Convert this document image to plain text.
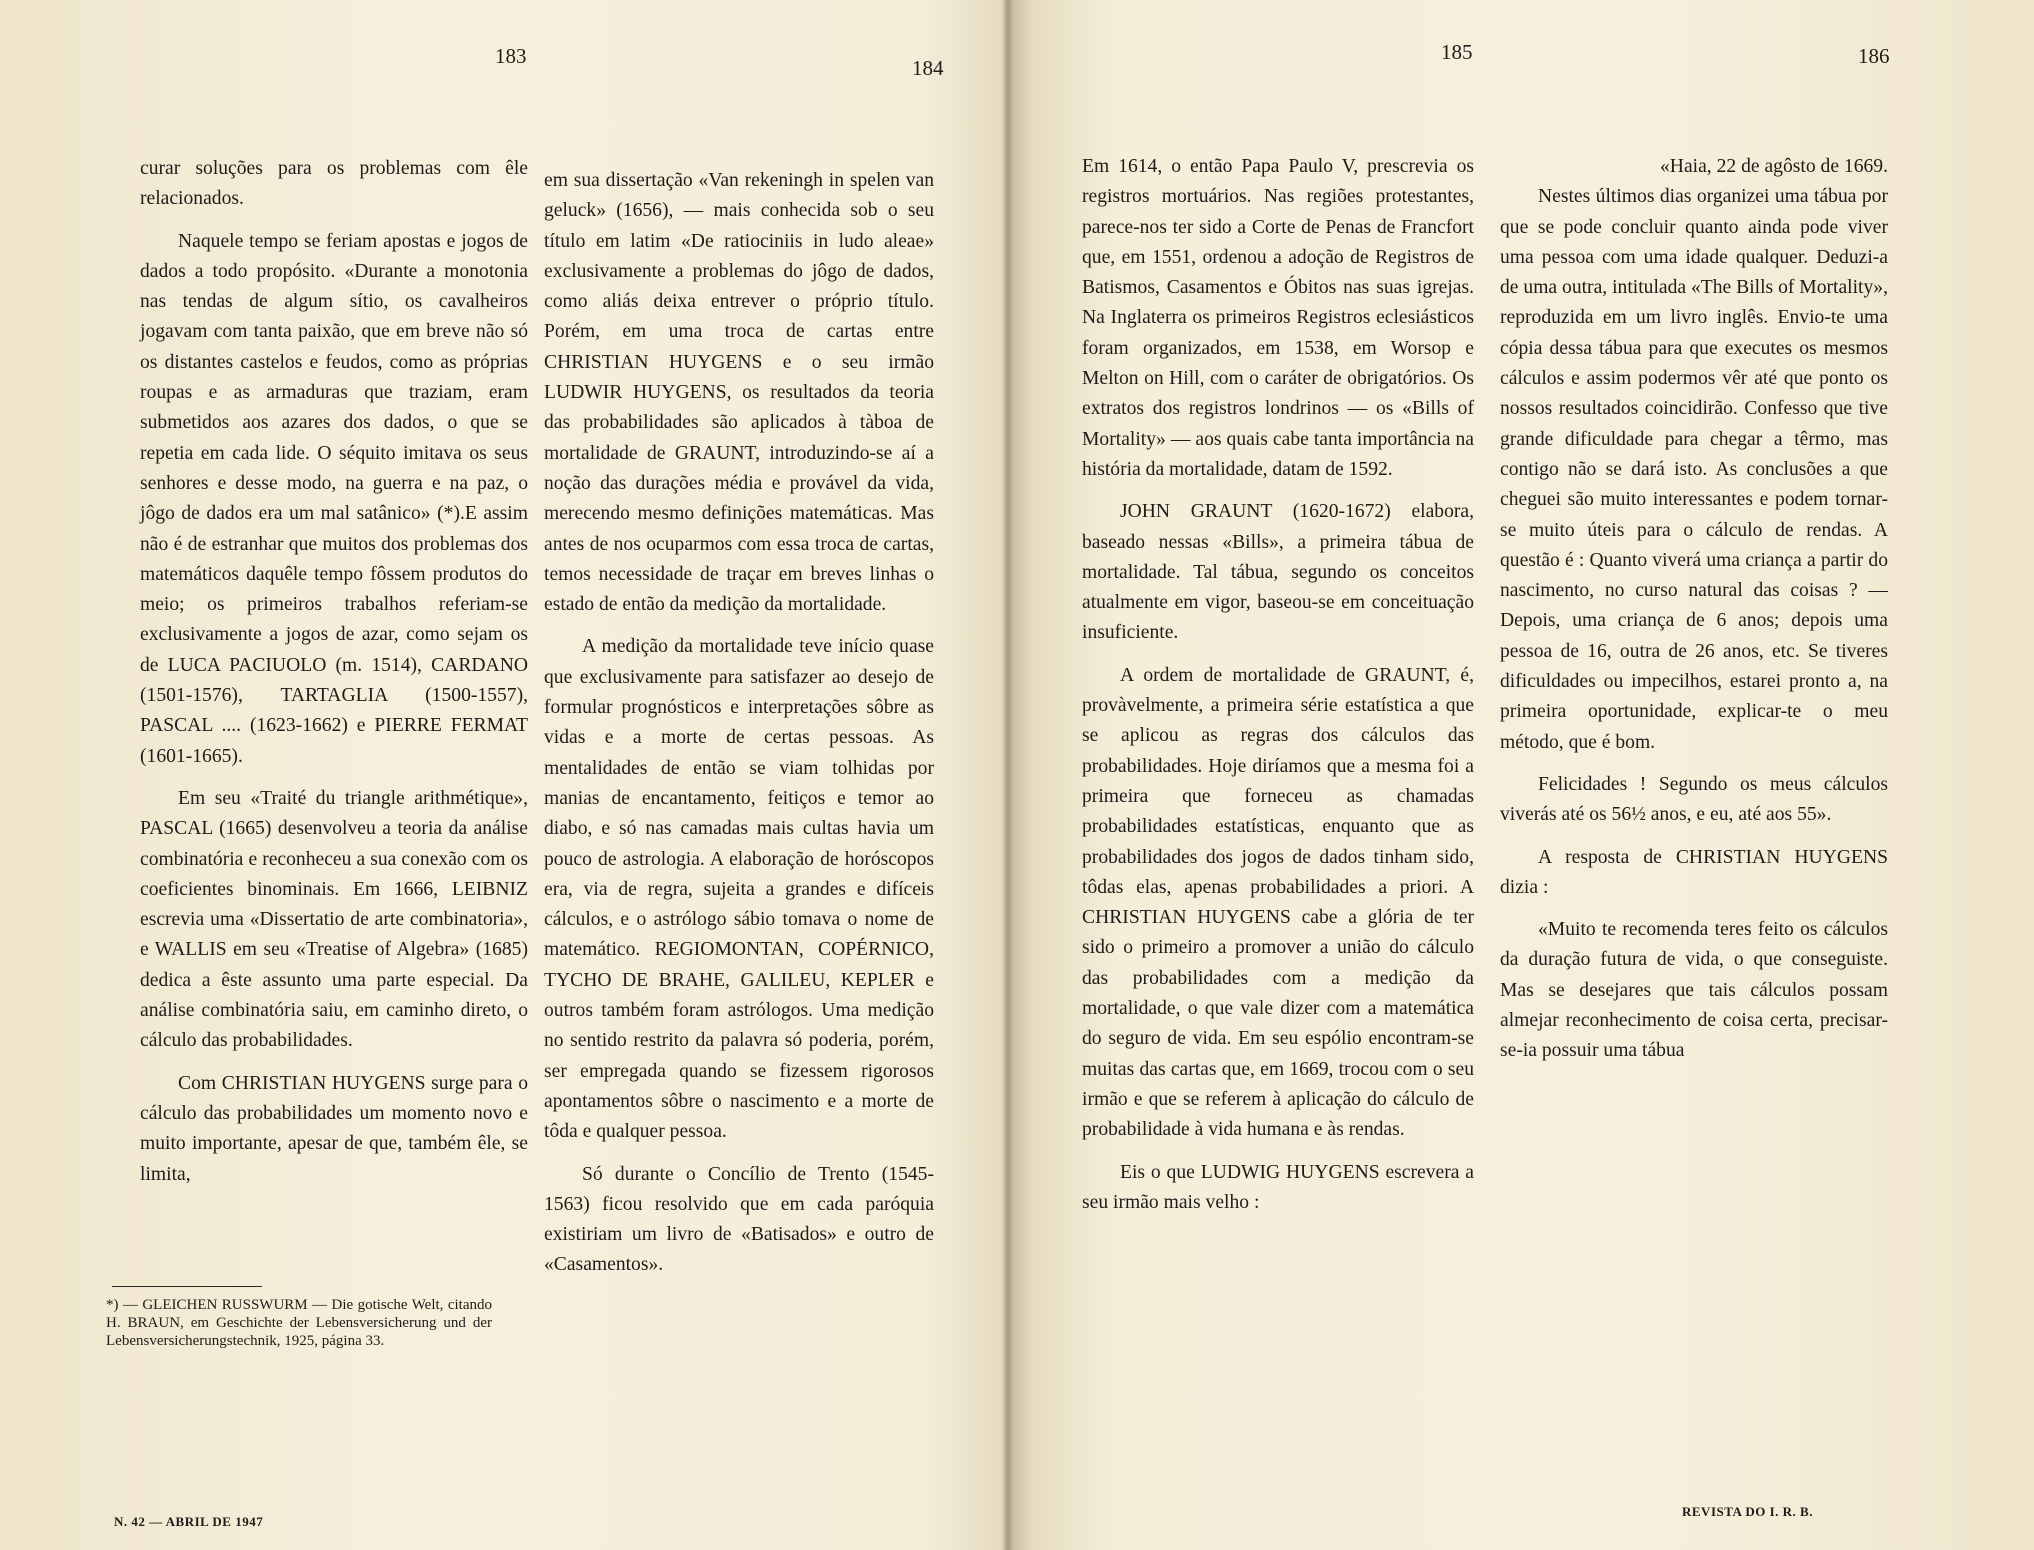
183	184
185	186

curar soluções para os problemas com êle relacionados.

Naquele tempo se feriam apostas e jogos de dados a todo propósito. «Durante a monotonia nas tendas de algum sítio, os cavalheiros jogavam com tanta paixão, que em breve não só os distantes castelos e feudos, como as próprias roupas e as armaduras que traziam, eram submetidos aos azares dos dados, o que se repetia em cada lide. O séquito imitava os seus senhores e desse modo, na guerra e na paz, o jôgo de dados era um mal satânico» (*).E assim não é de estranhar que muitos dos problemas dos matemáticos daquêle tempo fôssem produtos do meio; os primeiros trabalhos referiam-se exclusivamente a jogos de azar, como sejam os de LUCA PACIUOLO (m. 1514), CARDANO (1501-1576), TARTAGLIA (1500-1557), PASCAL .... (1623-1662) e PIERRE FERMAT (1601-1665).

Em seu «Traité du triangle arithmétique», PASCAL (1665) desenvolveu a teoria da análise combinatória e reconheceu a sua conexão com os coeficientes binominais. Em 1666, LEIBNIZ escrevia uma «Dissertatio de arte combinatoria», e WALLIS em seu «Treatise of Algebra» (1685) dedica a êste assunto uma parte especial. Da análise combinatória saiu, em caminho direto, o cálculo das probabilidades.

Com CHRISTIAN HUYGENS surge para o cálculo das probabilidades um momento novo e muito importante, apesar de que, também êle, se limita,

*) — GLEICHEN RUSSWURM — Die gotische Welt, citando H. BRAUN, em Geschichte der Lebensversicherung und der Lebensversicherungstechnik, 1925, página 33.

em sua dissertação «Van rekeningh in spelen van geluck» (1656), — mais conhecida sob o seu título em latim «De ratiociniis in ludo aleae» exclusivamente a problemas do jôgo de dados, como aliás deixa entrever o próprio título. Porém, em uma troca de cartas entre CHRISTIAN HUYGENS e o seu irmão LUDWIR HUYGENS, os resultados da teoria das probabilidades são aplicados à tàboa de mortalidade de GRAUNT, introduzindo-se aí a noção das durações média e provável da vida, merecendo mesmo definições matemáticas. Mas antes de nos ocuparmos com essa troca de cartas, temos necessidade de traçar em breves linhas o estado de então da medição da mortalidade.

A medição da mortalidade teve início quase que exclusivamente para satisfazer ao desejo de formular prognósticos e interpretações sôbre as vidas e a morte de certas pessoas. As mentalidades de então se viam tolhidas por manias de encantamento, feitiços e temor ao diabo, e só nas camadas mais cultas havia um pouco de astrologia. A elaboração de horóscopos era, via de regra, sujeita a grandes e difíceis cálculos, e o astrólogo sábio tomava o nome de matemático. REGIOMONTAN, COPÉRNICO, TYCHO DE BRAHE, GALILEU, KEPLER e outros também foram astrólogos. Uma medição no sentido restrito da palavra só poderia, porém, ser empregada quando se fizessem rigorosos apontamentos sôbre o nascimento e a morte de tôda e qualquer pessoa.

Só durante o Concílio de Trento (1545-1563) ficou resolvido que em cada paróquia existiriam um livro de «Batisados» e outro de «Casamentos».

Em 1614, o então Papa Paulo V, prescrevia os registros mortuários. Nas regiões protestantes, parece-nos ter sido a Corte de Penas de Francfort que, em 1551, ordenou a adoção de Registros de Batismos, Casamentos e Óbitos nas suas igrejas. Na Inglaterra os primeiros Registros eclesiásticos foram organizados, em 1538, em Worsop e Melton on Hill, com o caráter de obrigatórios. Os extratos dos registros londrinos — os «Bills of Mortality» — aos quais cabe tanta importância na história da mortalidade, datam de 1592.

JOHN GRAUNT (1620-1672) elabora, baseado nessas «Bills», a primeira tábua de mortalidade. Tal tábua, segundo os conceitos atualmente em vigor, baseou-se em conceituação insuficiente.

A ordem de mortalidade de GRAUNT, é, provàvelmente, a primeira série estatística a que se aplicou as regras dos cálculos das probabilidades. Hoje diríamos que a mesma foi a primeira que forneceu as chamadas probabilidades estatísticas, enquanto que as probabilidades dos jogos de dados tinham sido, tôdas elas, apenas probabilidades a priori. A CHRISTIAN HUYGENS cabe a glória de ter sido o primeiro a promover a união do cálculo das probabilidades com a medição da mortalidade, o que vale dizer com a matemática do seguro de vida. Em seu espólio encontram-se muitas das cartas que, em 1669, trocou com o seu irmão e que se referem à aplicação do cálculo de probabilidade à vida humana e às rendas.

Eis o que LUDWIG HUYGENS escrevera a seu irmão mais velho :

«Haia, 22 de agôsto de 1669.

Nestes últimos dias organizei uma tábua por que se pode concluir quanto ainda pode viver uma pessoa com uma idade qualquer. Deduzi-a de uma outra, intitulada «The Bills of Mortality», reproduzida em um livro inglês. Envio-te uma cópia dessa tábua para que executes os mesmos cálculos e assim podermos vêr até que ponto os nossos resultados coincidirão. Confesso que tive grande dificuldade para chegar a têrmo, mas contigo não se dará isto. As conclusões a que cheguei são muito interessantes e podem tornar-se muito úteis para o cálculo de rendas. A questão é : Quanto viverá uma criança a partir do nascimento, no curso natural das coisas ? — Depois, uma criança de 6 anos; depois uma pessoa de 16, outra de 26 anos, etc. Se tiveres dificuldades ou impecilhos, estarei pronto a, na primeira oportunidade, explicar-te o meu método, que é bom.

Felicidades ! Segundo os meus cálculos viverás até os 56½ anos, e eu, até aos 55».

A resposta de CHRISTIAN HUYGENS dizia :

«Muito te recomenda teres feito os cálculos da duração futura de vida, o que conseguiste. Mas se desejares que tais cálculos possam almejar reconhecimento de coisa certa, precisar-se-ia possuir uma tábua

N. 42 — ABRIL DE 1947
REVISTA DO I. R. B.
